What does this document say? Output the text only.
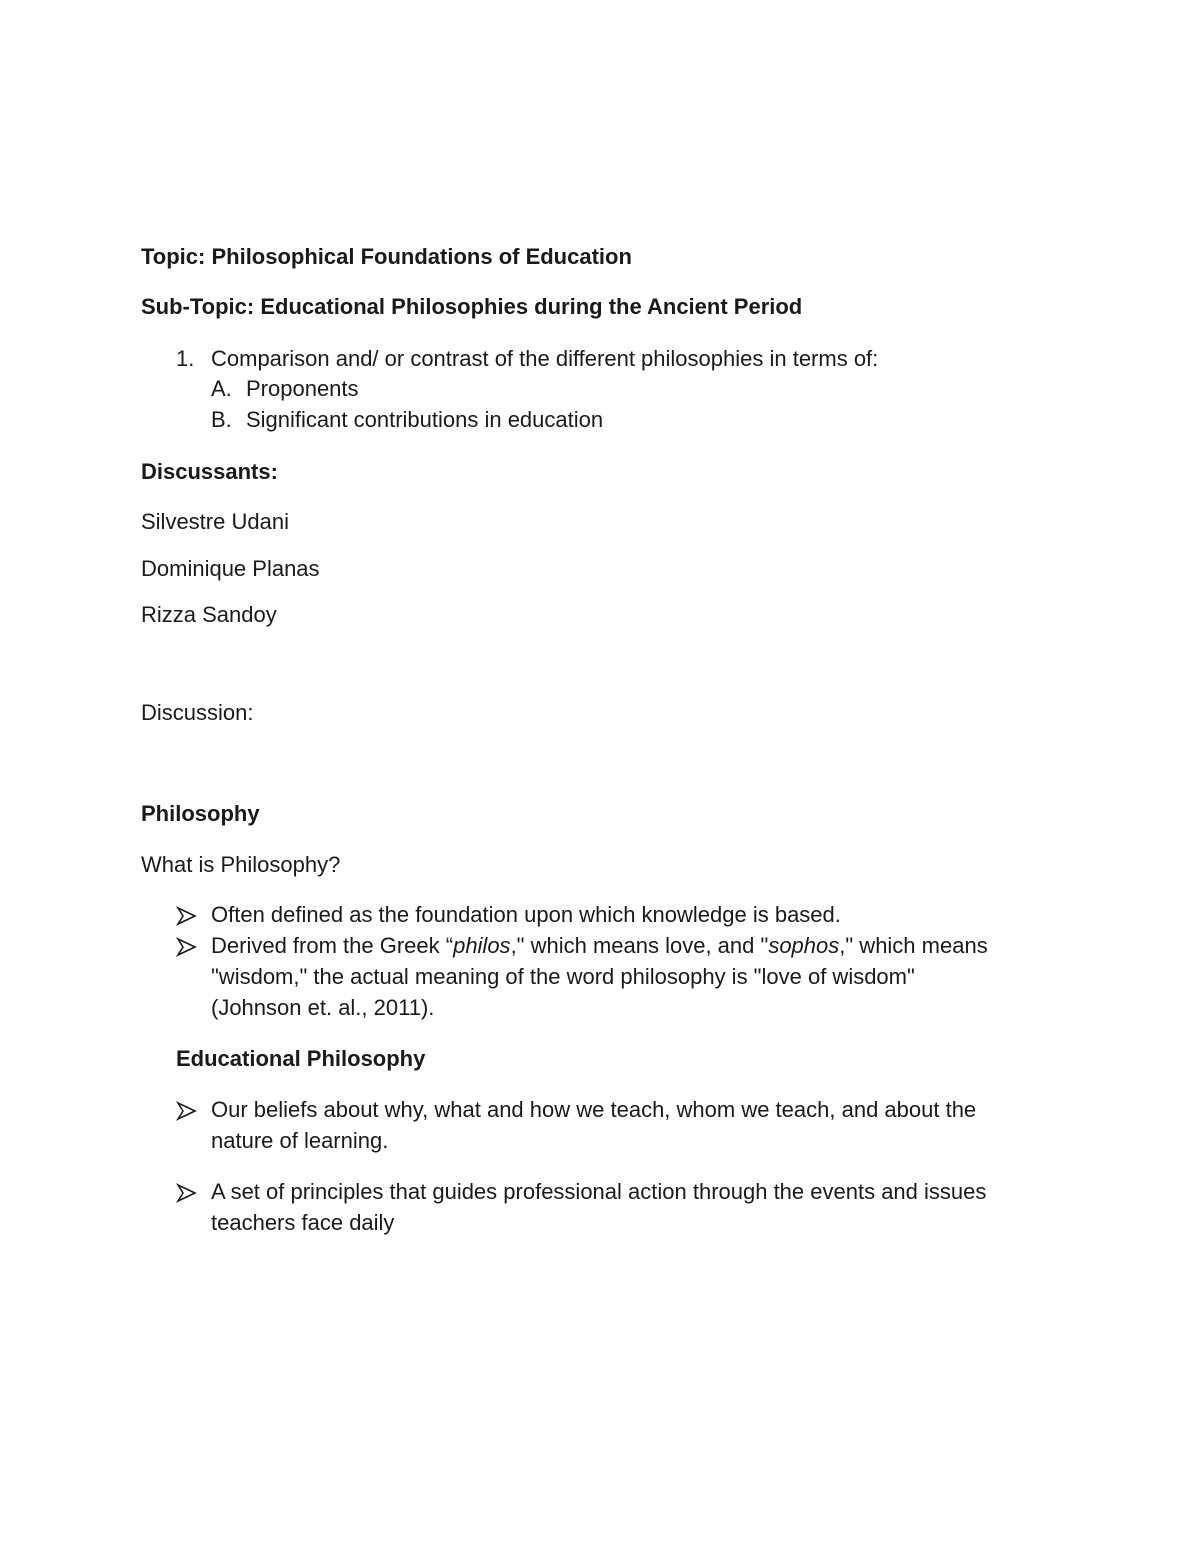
Topic: Philosophical Foundations of Education
Sub-Topic: Educational Philosophies during the Ancient Period
1. Comparison and/ or contrast of the different philosophies in terms of:
A. Proponents
B. Significant contributions in education
Discussants:
Silvestre Udani
Dominique Planas
Rizza Sandoy
Discussion:
Philosophy
What is Philosophy?
Often defined as the foundation upon which knowledge is based.
Derived from the Greek “philos," which means love, and "sophos," which means
"wisdom," the actual meaning of the word philosophy is "love of wisdom"
(Johnson et. al., 2011).
Educational Philosophy
Our beliefs about why, what and how we teach, whom we teach, and about the
nature of learning.
A set of principles that guides professional action through the events and issues
teachers face daily
